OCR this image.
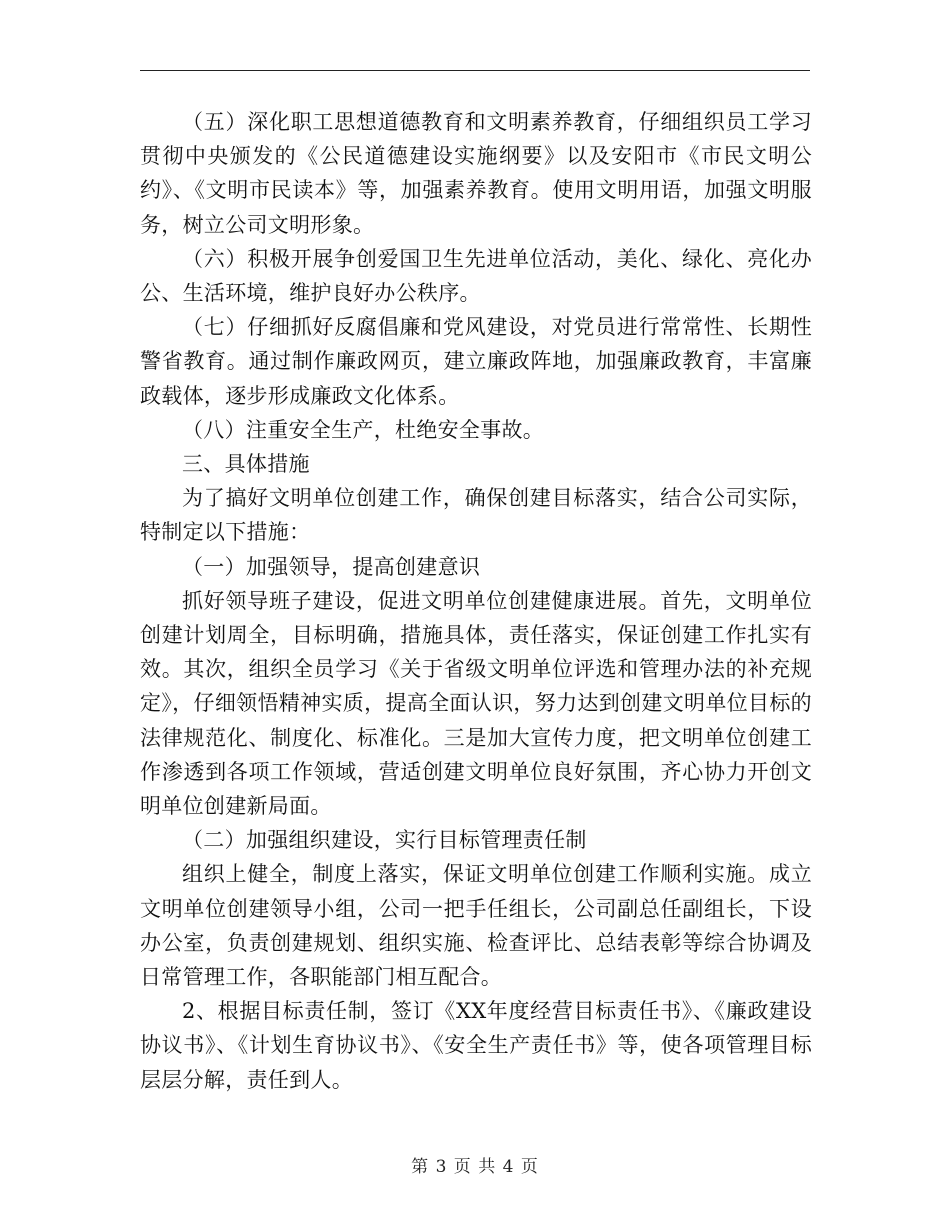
（五）深化职工思想道德教育和文明素养教育，仔细组织员工学习贯彻中央颁发的《公民道德建设实施纲要》以及安阳市《市民文明公约》、《文明市民读本》等，加强素养教育。使用文明用语，加强文明服务，树立公司文明形象。

（六）积极开展争创爱国卫生先进单位活动，美化、绿化、亮化办公、生活环境，维护良好办公秩序。

（七）仔细抓好反腐倡廉和党风建设，对党员进行常常性、长期性警省教育。通过制作廉政网页，建立廉政阵地，加强廉政教育，丰富廉政载体，逐步形成廉政文化体系。

（八）注重安全生产，杜绝安全事故。

三、具体措施

为了搞好文明单位创建工作，确保创建目标落实，结合公司实际，特制定以下措施：

（一）加强领导，提高创建意识

抓好领导班子建设，促进文明单位创建健康进展。首先，文明单位创建计划周全，目标明确，措施具体，责任落实，保证创建工作扎实有效。其次，组织全员学习《关于省级文明单位评选和管理办法的补充规定》，仔细领悟精神实质，提高全面认识，努力达到创建文明单位目标的法律规范化、制度化、标准化。三是加大宣传力度，把文明单位创建工作渗透到各项工作领域，营适创建文明单位良好氛围，齐心协力开创文明单位创建新局面。

（二）加强组织建设，实行目标管理责任制

组织上健全，制度上落实，保证文明单位创建工作顺利实施。成立文明单位创建领导小组，公司一把手任组长，公司副总任副组长，下设办公室，负责创建规划、组织实施、检查评比、总结表彰等综合协调及日常管理工作，各职能部门相互配合。

2、根据目标责任制，签订《XX年度经营目标责任书》、《廉政建设协议书》、《计划生育协议书》、《安全生产责任书》等，使各项管理目标层层分解，责任到人。

第 3 页 共 4 页
